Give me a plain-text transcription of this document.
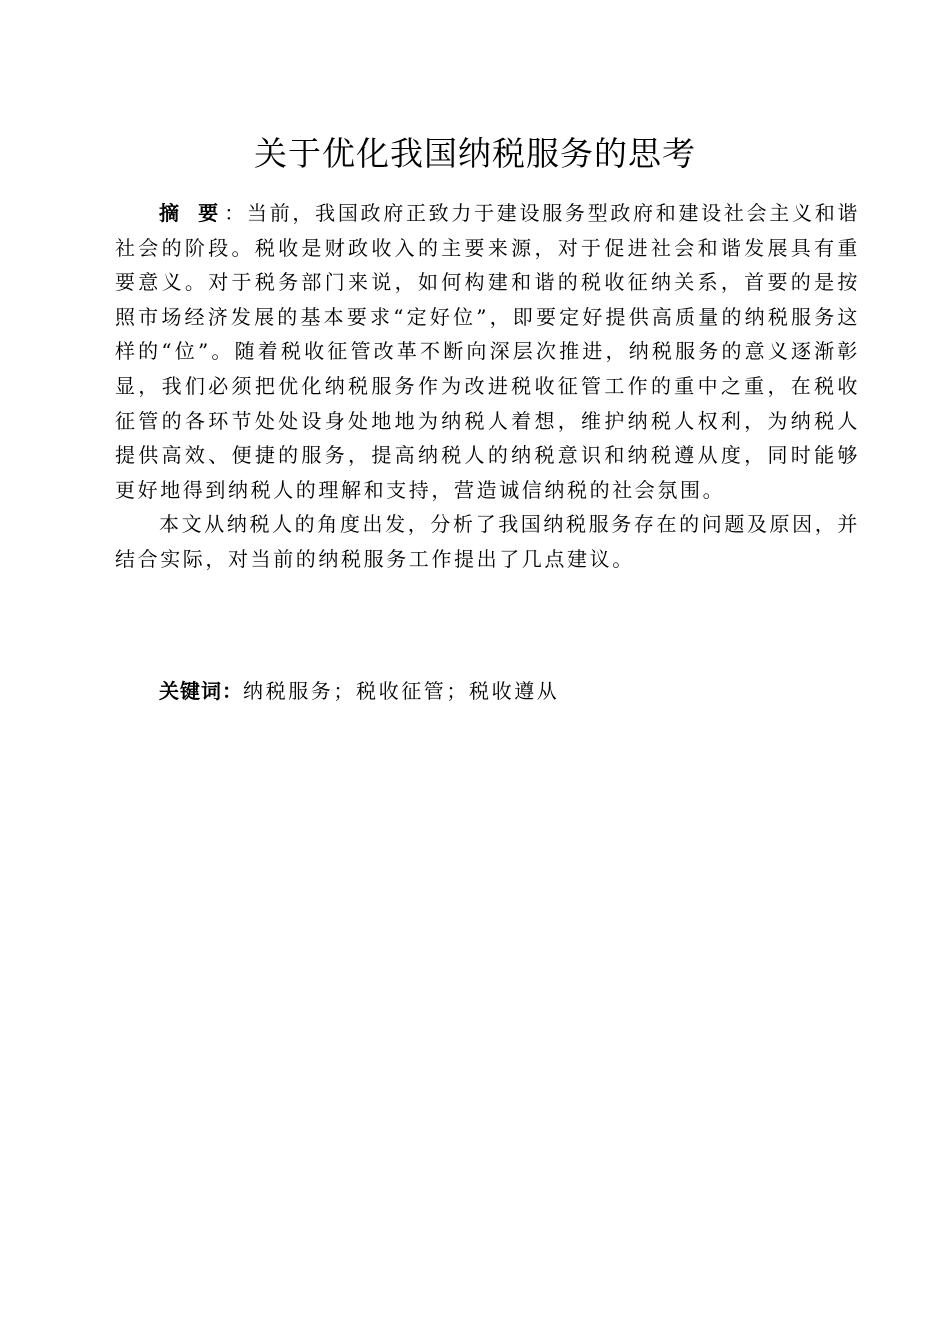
关于优化我国纳税服务的思考

摘 要：当前，我国政府正致力于建设服务型政府和建设社会主义和谐社会的阶段。税收是财政收入的主要来源，对于促进社会和谐发展具有重要意义。对于税务部门来说，如何构建和谐的税收征纳关系，首要的是按照市场经济发展的基本要求“定好位”，即要定好提供高质量的纳税服务这样的“位”。随着税收征管改革不断向深层次推进，纳税服务的意义逐渐彰显，我们必须把优化纳税服务作为改进税收征管工作的重中之重，在税收征管的各环节处处设身处地地为纳税人着想，维护纳税人权利，为纳税人提供高效、便捷的服务，提高纳税人的纳税意识和纳税遵从度，同时能够更好地得到纳税人的理解和支持，营造诚信纳税的社会氛围。

本文从纳税人的角度出发，分析了我国纳税服务存在的问题及原因，并结合实际，对当前的纳税服务工作提出了几点建议。

关键词：纳税服务；税收征管；税收遵从
